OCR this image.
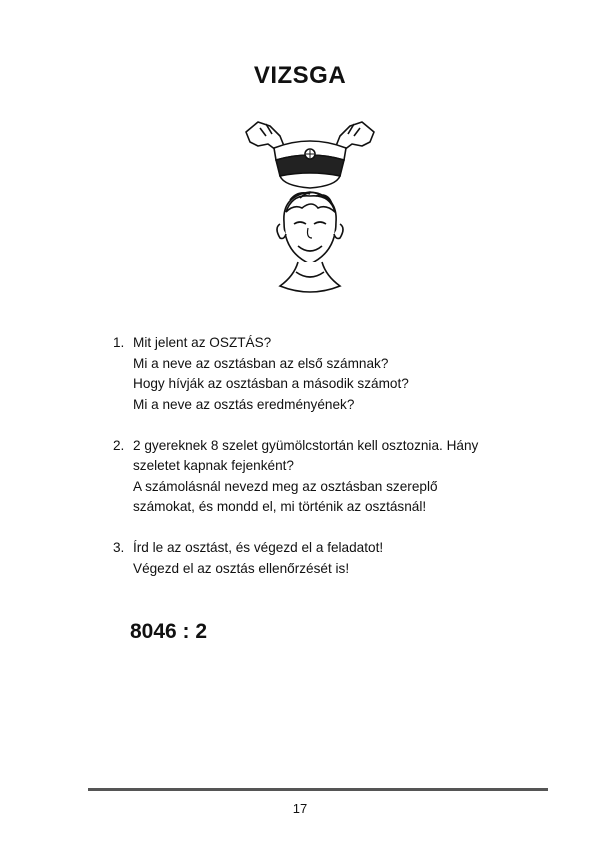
VIZSGA
1. Mit jelent az OSZTÁS?
Mi a neve az osztásban az első számnak?
Hogy hívják az osztásban a második számot?
Mi a neve az osztás eredményének?
2. 2 gyereknek 8 szelet gyümölcstortán kell osztoznia. Hány
szeletet kapnak fejenként?
A számolásnál nevezd meg az osztásban szereplő
számokat, és mondd el, mi történik az osztásnál!
3. Írd le az osztást, és végezd el a feladatot!
Végezd el az osztás ellenőrzését is!
8046 : 2
17
